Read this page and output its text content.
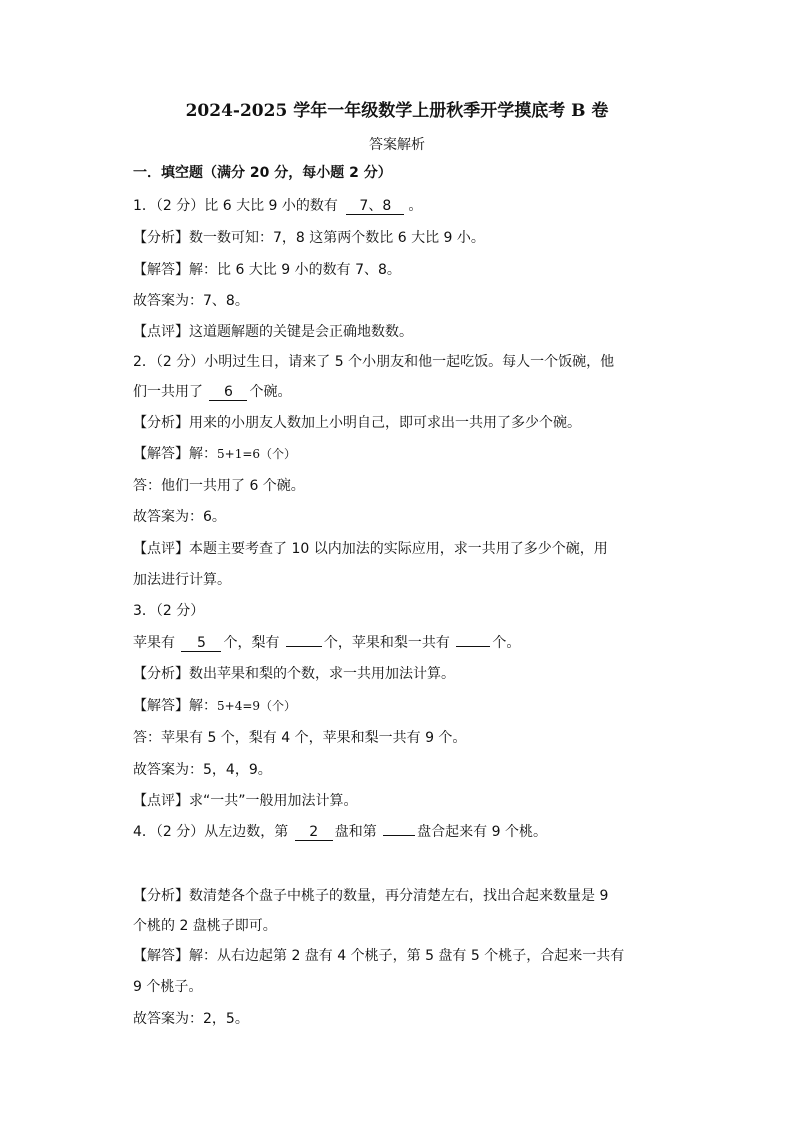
2024-2025 学年一年级数学上册秋季开学摸底考 B 卷
答案解析
一．填空题（满分 20 分，每小题 2 分）
1．（2 分）比 6 大比 9 小的数有 7、8 。
【分析】数一数可知：7，8 这第两个数比 6 大比 9 小。
【解答】解：比 6 大比 9 小的数有 7、8。
故答案为：7、8。
【点评】这道题解题的关键是会正确地数数。
2．（2 分）小明过生日，请来了 5 个小朋友和他一起吃饭。每人一个饭碗，他
们一共用了 6 个碗。
【分析】用来的小朋友人数加上小明自己，即可求出一共用了多少个碗。
【解答】解：5+1=6（个）
答：他们一共用了 6 个碗。
故答案为：6。
【点评】本题主要考查了 10 以内加法的实际应用，求一共用了多少个碗，用
加法进行计算。
3．（2 分）
苹果有 5 个，梨有	个，苹果和梨一共有	个。
【分析】数出苹果和梨的个数，求一共用加法计算。
【解答】解：5+4=9（个）
答：苹果有 5 个，梨有 4 个，苹果和梨一共有 9 个。
故答案为：5，4，9。
【点评】求“一共”一般用加法计算。
4．（2 分）从左边数，第 2 盘和第	盘合起来有 9 个桃。
【分析】数清楚各个盘子中桃子的数量，再分清楚左右，找出合起来数量是 9
个桃的 2 盘桃子即可。
【解答】解：从右边起第 2 盘有 4 个桃子，第 5 盘有 5 个桃子，合起来一共有
9 个桃子。
故答案为：2，5。
